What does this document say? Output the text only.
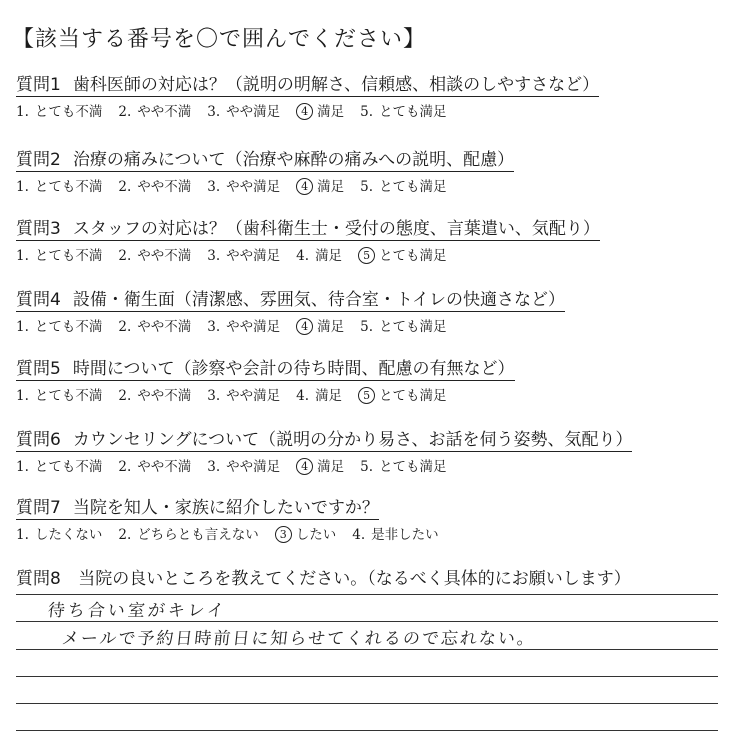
【該当する番号を〇で囲んでください】
質問1 歯科医師の対応は？（説明の明解さ、信頼感、相談のしやすさなど）
1. とても不満 2. やや不満 3. やや満足 4 満足 5. とても満足
質問2 治療の痛みについて（治療や麻酔の痛みへの説明、配慮）
1. とても不満 2. やや不満 3. やや満足 4 満足 5. とても満足
質問3 スタッフの対応は？（歯科衛生士・受付の態度、言葉遣い、気配り）
1. とても不満 2. やや不満 3. やや満足 4. 満足 5 とても満足
質問4 設備・衛生面（清潔感、雰囲気、待合室・トイレの快適さなど）
1. とても不満 2. やや不満 3. やや満足 4 満足 5. とても満足
質問5 時間について（診察や会計の待ち時間、配慮の有無など）
1. とても不満 2. やや不満 3. やや満足 4. 満足 5 とても満足
質問6 カウンセリングについて（説明の分かり易さ、お話を伺う姿勢、気配り）
1. とても不満 2. やや不満 3. やや満足 4 満足 5. とても満足
質問7 当院を知人・家族に紹介したいですか？
1. したくない 2. どちらとも言えない 3 したい 4. 是非したい
質問8 当院の良いところを教えてください。（なるべく具体的にお願いします）
待ち合い室がキレイ
メールで予約日時前日に知らせてくれるので忘れない。
